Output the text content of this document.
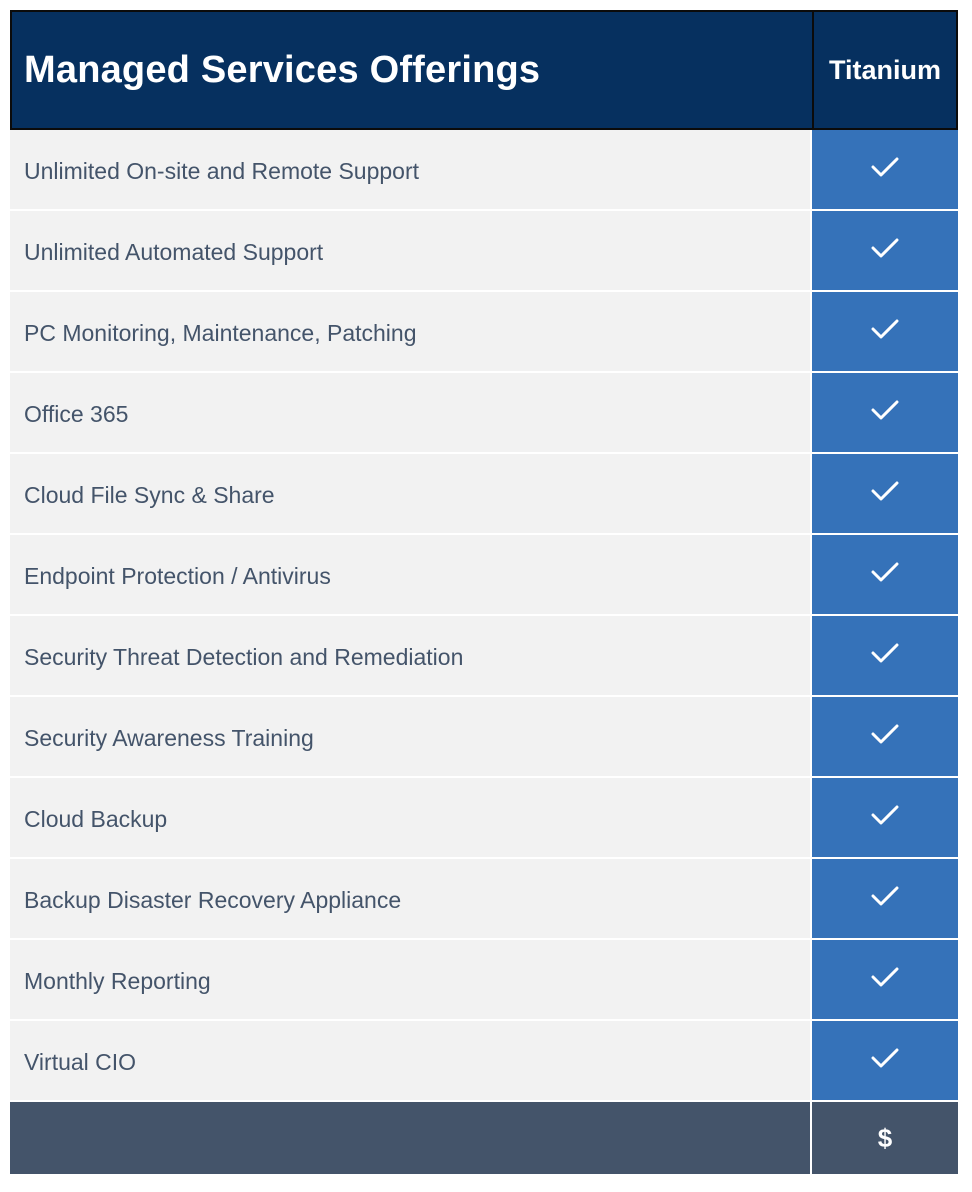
Managed Services Offerings	Titanium
Unlimited On-site and Remote Support
Unlimited Automated Support
PC Monitoring, Maintenance, Patching
Office 365
Cloud File Sync & Share
Endpoint Protection / Antivirus
Security Threat Detection and Remediation
Security Awareness Training
Cloud Backup
Backup Disaster Recovery Appliance
Monthly Reporting
Virtual CIO
$
